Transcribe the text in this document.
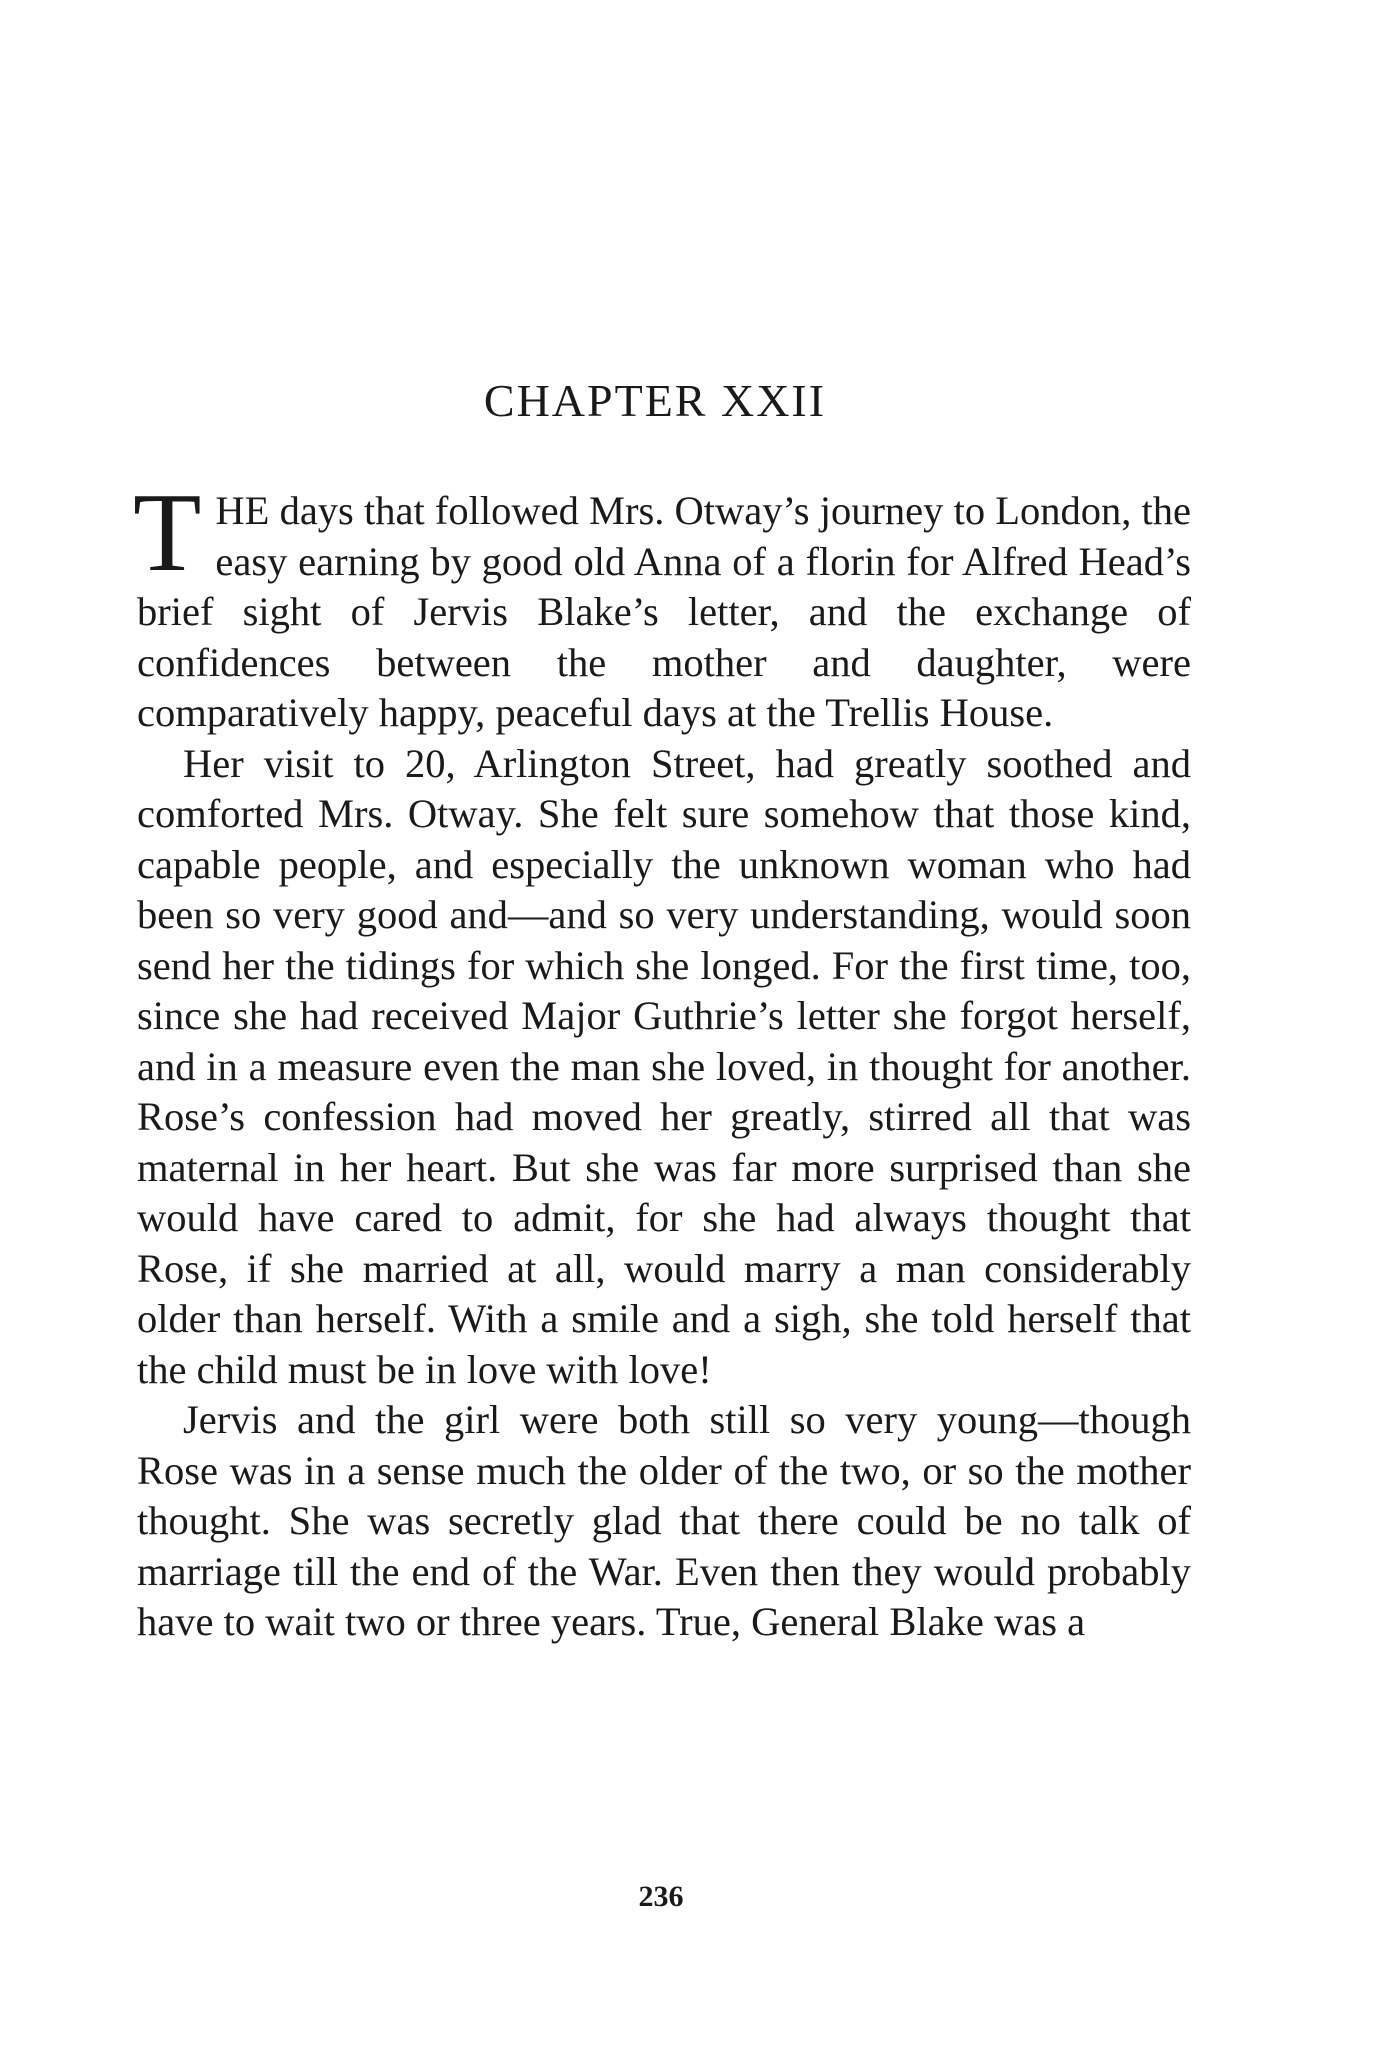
CHAPTER XXII

THE days that followed Mrs. Otway’s journey to London, the easy earning by good old Anna of a florin for Alfred Head’s brief sight of Jervis Blake’s letter, and the exchange of confidences between the mother and daughter, were comparatively happy, peaceful days at the Trellis House.

Her visit to 20, Arlington Street, had greatly soothed and comforted Mrs. Otway. She felt sure somehow that those kind, capable people, and especially the unknown woman who had been so very good and—and so very understanding, would soon send her the tidings for which she longed. For the first time, too, since she had received Major Guthrie’s letter she forgot herself, and in a measure even the man she loved, in thought for another. Rose’s confession had moved her greatly, stirred all that was maternal in her heart. But she was far more surprised than she would have cared to admit, for she had always thought that Rose, if she married at all, would marry a man considerably older than herself. With a smile and a sigh, she told herself that the child must be in love with love!

Jervis and the girl were both still so very young—though Rose was in a sense much the older of the two, or so the mother thought. She was secretly glad that there could be no talk of marriage till the end of the War. Even then they would probably have to wait two or three years. True, General Blake was a

236
